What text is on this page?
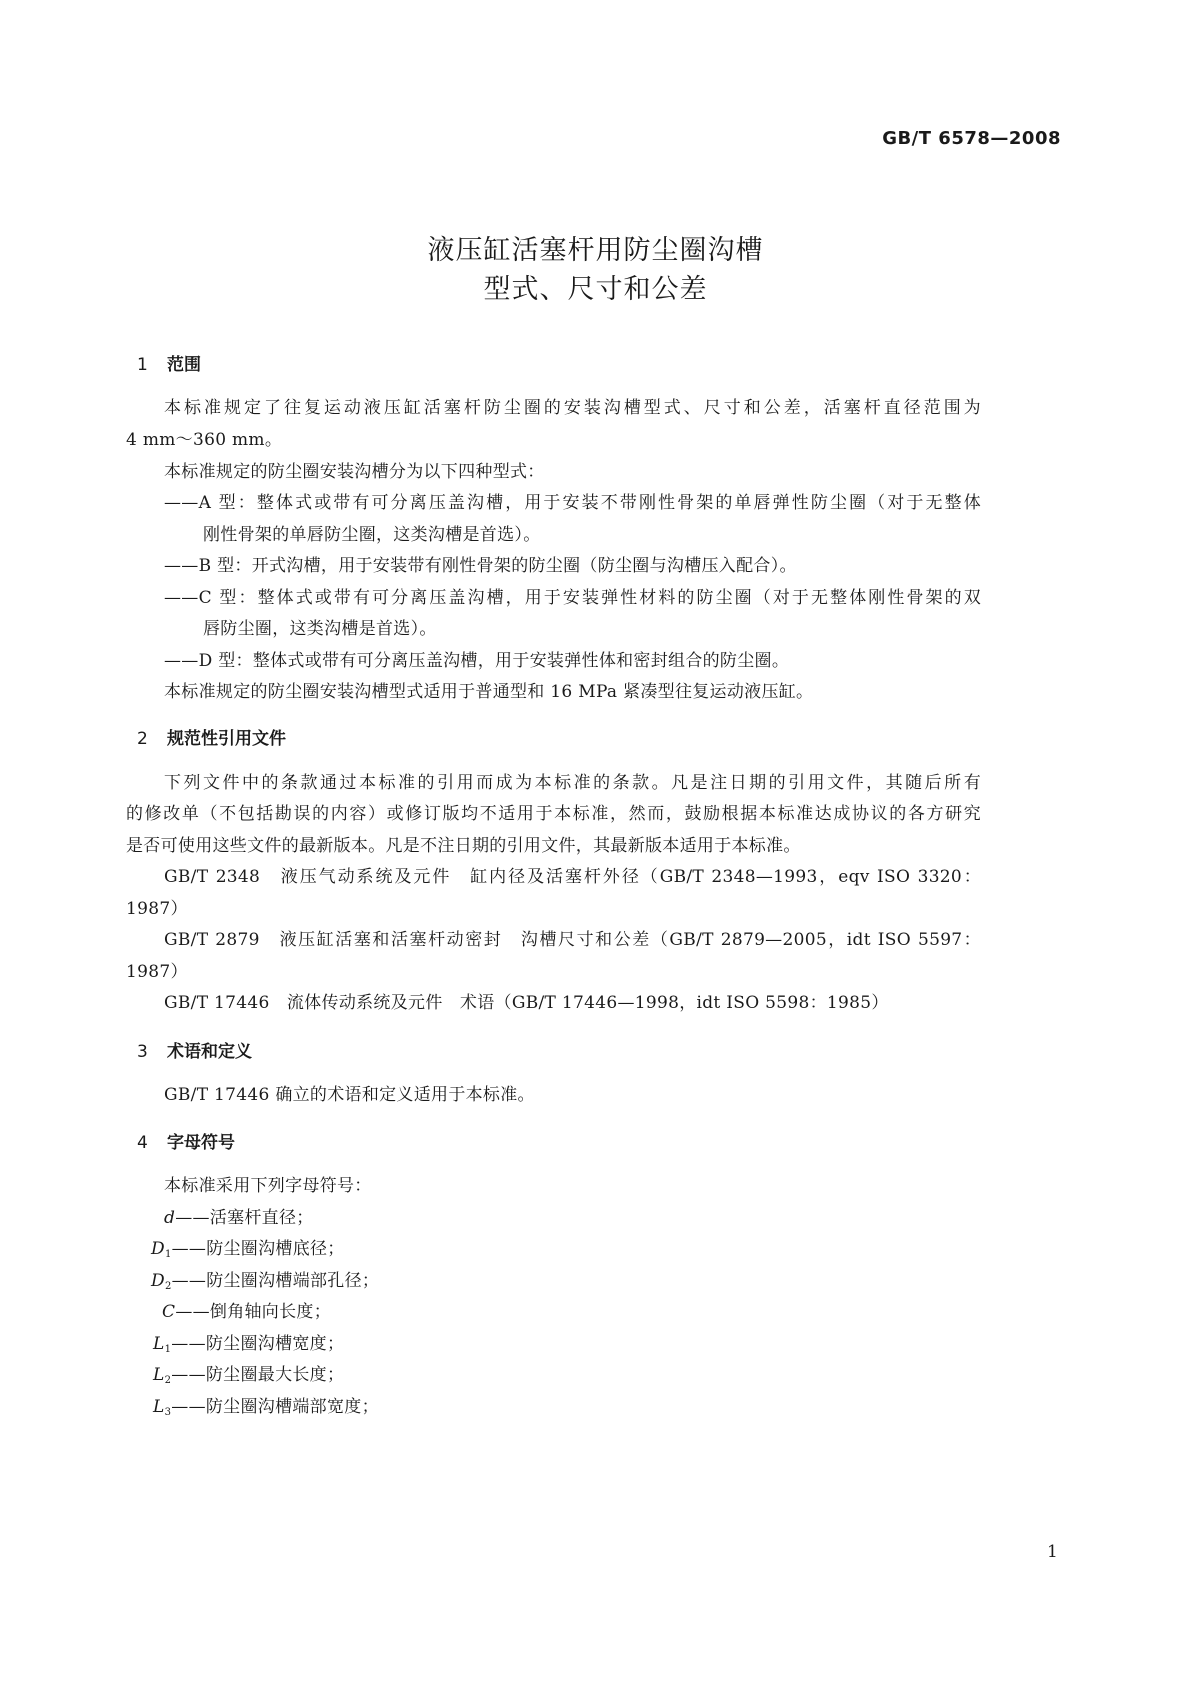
GB/T 6578—2008
液压缸活塞杆用防尘圈沟槽
型式、尺寸和公差
1 范围
本标准规定了往复运动液压缸活塞杆防尘圈的安装沟槽型式、尺寸和公差，活塞杆直径范围为
4 mm～360 mm。
本标准规定的防尘圈安装沟槽分为以下四种型式：
——A 型：整体式或带有可分离压盖沟槽，用于安装不带刚性骨架的单唇弹性防尘圈（对于无整体
刚性骨架的单唇防尘圈，这类沟槽是首选）。
——B 型：开式沟槽，用于安装带有刚性骨架的防尘圈（防尘圈与沟槽压入配合）。
——C 型：整体式或带有可分离压盖沟槽，用于安装弹性材料的防尘圈（对于无整体刚性骨架的双
唇防尘圈，这类沟槽是首选）。
——D 型：整体式或带有可分离压盖沟槽，用于安装弹性体和密封组合的防尘圈。
本标准规定的防尘圈安装沟槽型式适用于普通型和 16 MPa 紧凑型往复运动液压缸。
2 规范性引用文件
下列文件中的条款通过本标准的引用而成为本标准的条款。凡是注日期的引用文件，其随后所有
的修改单（不包括勘误的内容）或修订版均不适用于本标准，然而，鼓励根据本标准达成协议的各方研究
是否可使用这些文件的最新版本。凡是不注日期的引用文件，其最新版本适用于本标准。
GB/T 2348　液压气动系统及元件　缸内径及活塞杆外径（GB/T 2348—1993，eqv ISO 3320：
1987）
GB/T 2879　液压缸活塞和活塞杆动密封　沟槽尺寸和公差（GB/T 2879—2005，idt ISO 5597：
1987）
GB/T 17446　流体传动系统及元件　术语（GB/T 17446—1998，idt ISO 5598：1985）
3 术语和定义
GB/T 17446 确立的术语和定义适用于本标准。
4 字母符号
本标准采用下列字母符号：
d——活塞杆直径；
$D_1——$防尘圈沟槽底径；
$D_2——$防尘圈沟槽端部孔径；
C——倒角轴向长度；
$L_1——$防尘圈沟槽宽度；
$L_2——$防尘圈最大长度；
$L_3——$防尘圈沟槽端部宽度；
1
